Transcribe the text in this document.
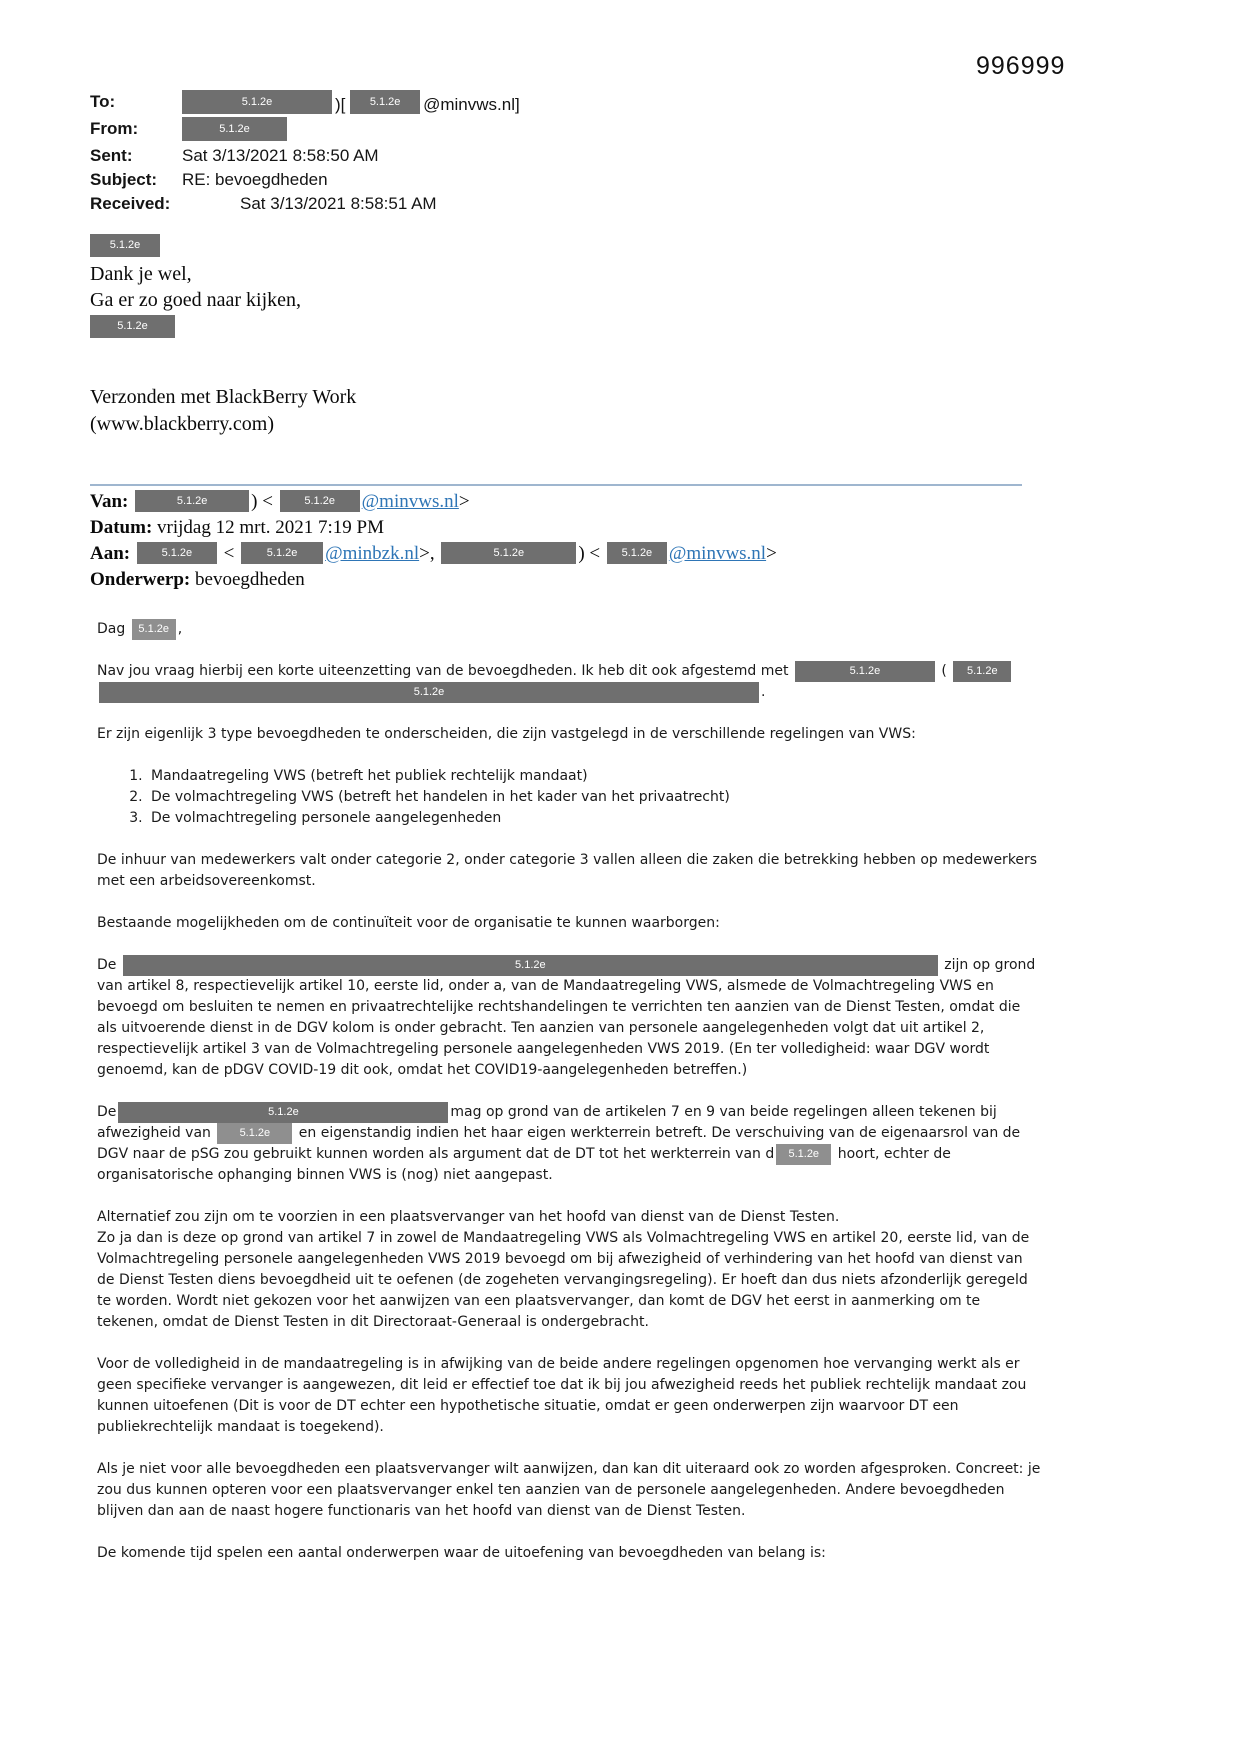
996999
To:	5.1.2e	)[ 5.1.2e @minvws.nl]
From:	5.1.2e
Sent:	Sat 3/13/2021 8:58:50 AM
Subject:	RE: bevoegdheden
Received:	Sat 3/13/2021 8:58:51 AM
5.1.2e
Dank je wel,
Ga er zo goed naar kijken,
5.1.2e
Verzonden met BlackBerry Work
(www.blackberry.com)
Van:	5.1.2e ) < 5.1.2e @minvws.nl>
Datum: vrijdag 12 mrt. 2021 7:19 PM
Aan:	5.1.2e <	5.1.2e @minbzk.nl>,	5.1.2e	) < 5.1.2e @minvws.nl>
Onderwerp: bevoegdheden

Dag 5.1.2e ,

Nav jou vraag hierbij een korte uiteenzetting van de bevoegdheden. Ik heb dit ook afgestemd met	5.1.2e	( 5.1.2e
5.1.2e	.

Er zijn eigenlijk 3 type bevoegdheden te onderscheiden, die zijn vastgelegd in de verschillende regelingen van VWS:

1. Mandaatregeling VWS (betreft het publiek rechtelijk mandaat)
2. De volmachtregeling VWS (betreft het handelen in het kader van het privaatrecht)
3. De volmachtregeling personele aangelegenheden

De inhuur van medewerkers valt onder categorie 2, onder categorie 3 vallen alleen die zaken die betrekking hebben op medewerkers met een arbeidsovereenkomst.

Bestaande mogelijkheden om de continuïteit voor de organisatie te kunnen waarborgen:

De	5.1.2e	zijn op grond van artikel 8, respectievelijk artikel 10, eerste lid, onder a, van de Mandaatregeling VWS, alsmede de Volmachtregeling VWS en bevoegd om besluiten te nemen en privaatrechtelijke rechtshandelingen te verrichten ten aanzien van de Dienst Testen, omdat die als uitvoerende dienst in de DGV kolom is onder gebracht. Ten aanzien van personele aangelegenheden volgt dat uit artikel 2, respectievelijk artikel 3 van de Volmachtregeling personele aangelegenheden VWS 2019. (En ter volledigheid: waar DGV wordt genoemd, kan de pDGV COVID-19 dit ook, omdat het COVID19-aangelegenheden betreffen.)

De	5.1.2e	mag op grond van de artikelen 7 en 9 van beide regelingen alleen tekenen bij afwezigheid van 5.1.2e en eigenstandig indien het haar eigen werkterrein betreft. De verschuiving van de eigenaarsrol van de DGV naar de pSG zou gebruikt kunnen worden als argument dat de DT tot het werkterrein van d 5.1.2e hoort, echter de organisatorische ophanging binnen VWS is (nog) niet aangepast.

Alternatief zou zijn om te voorzien in een plaatsvervanger van het hoofd van dienst van de Dienst Testen.
Zo ja dan is deze op grond van artikel 7 in zowel de Mandaatregeling VWS als Volmachtregeling VWS en artikel 20, eerste lid, van de Volmachtregeling personele aangelegenheden VWS 2019 bevoegd om bij afwezigheid of verhindering van het hoofd van dienst van de Dienst Testen diens bevoegdheid uit te oefenen (de zogeheten vervangingsregeling). Er hoeft dan dus niets afzonderlijk geregeld te worden. Wordt niet gekozen voor het aanwijzen van een plaatsvervanger, dan komt de DGV het eerst in aanmerking om te tekenen, omdat de Dienst Testen in dit Directoraat-Generaal is ondergebracht.

Voor de volledigheid in de mandaatregeling is in afwijking van de beide andere regelingen opgenomen hoe vervanging werkt als er geen specifieke vervanger is aangewezen, dit leid er effectief toe dat ik bij jou afwezigheid reeds het publiek rechtelijk mandaat zou kunnen uitoefenen (Dit is voor de DT echter een hypothetische situatie, omdat er geen onderwerpen zijn waarvoor DT een publiekrechtelijk mandaat is toegekend).

Als je niet voor alle bevoegdheden een plaatsvervanger wilt aanwijzen, dan kan dit uiteraard ook zo worden afgesproken. Concreet: je zou dus kunnen opteren voor een plaatsvervanger enkel ten aanzien van de personele aangelegenheden. Andere bevoegdheden blijven dan aan de naast hogere functionaris van het hoofd van dienst van de Dienst Testen.

De komende tijd spelen een aantal onderwerpen waar de uitoefening van bevoegdheden van belang is:
